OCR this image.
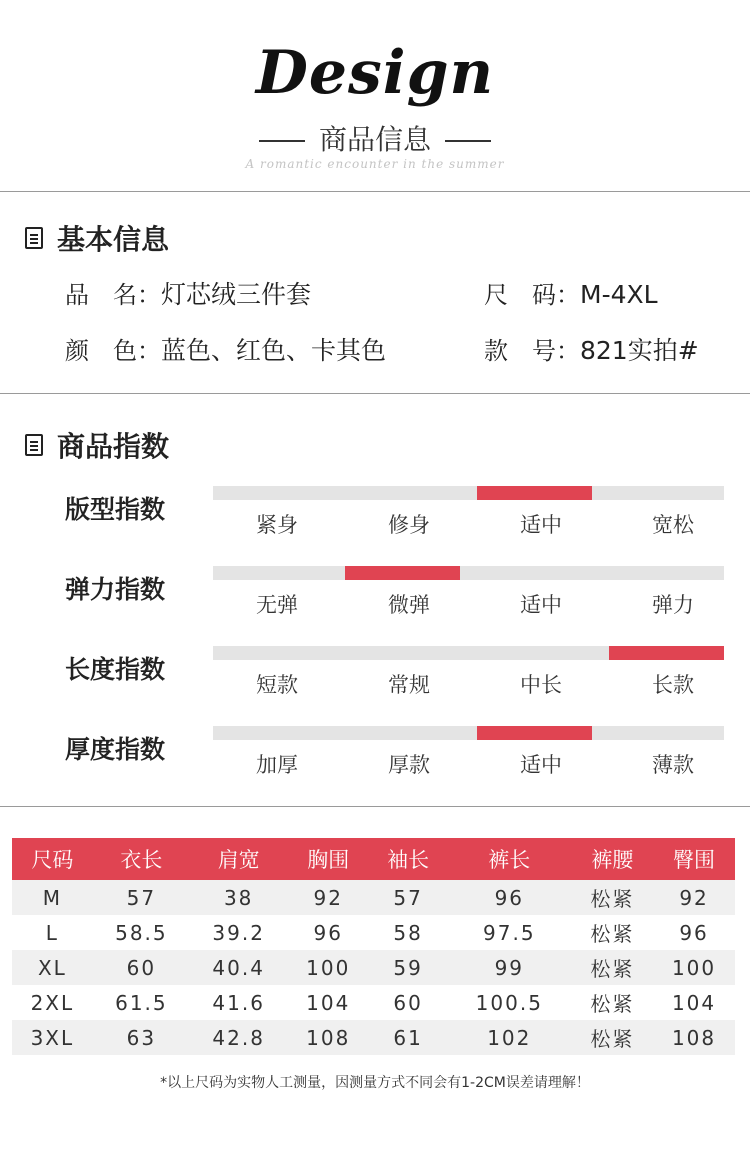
Design
商品信息
A romantic encounter in the summer
基本信息
品　名：灯芯绒三件套	尺　码：M-4XL
颜　色：蓝色、红色、卡其色	款　号：821实拍#
商品指数
版型指数
紧身	修身	适中	宽松
弹力指数
无弹	微弹	适中	弹力
长度指数
短款	常规	中长	长款
厚度指数
加厚	厚款	适中	薄款
尺码	衣长	肩宽	胸围	袖长	裤长	裤腰	臀围
M	57	38	92	57	96	松紧	92
L	58.5	39.2	96	58	97.5	松紧	96
XL	60	40.4	100	59	99	松紧	100
2XL	61.5	41.6	104	60	100.5	松紧	104
3XL	63	42.8	108	61	102	松紧	108
*以上尺码为实物人工测量，因测量方式不同会有1-2CM误差请理解！
